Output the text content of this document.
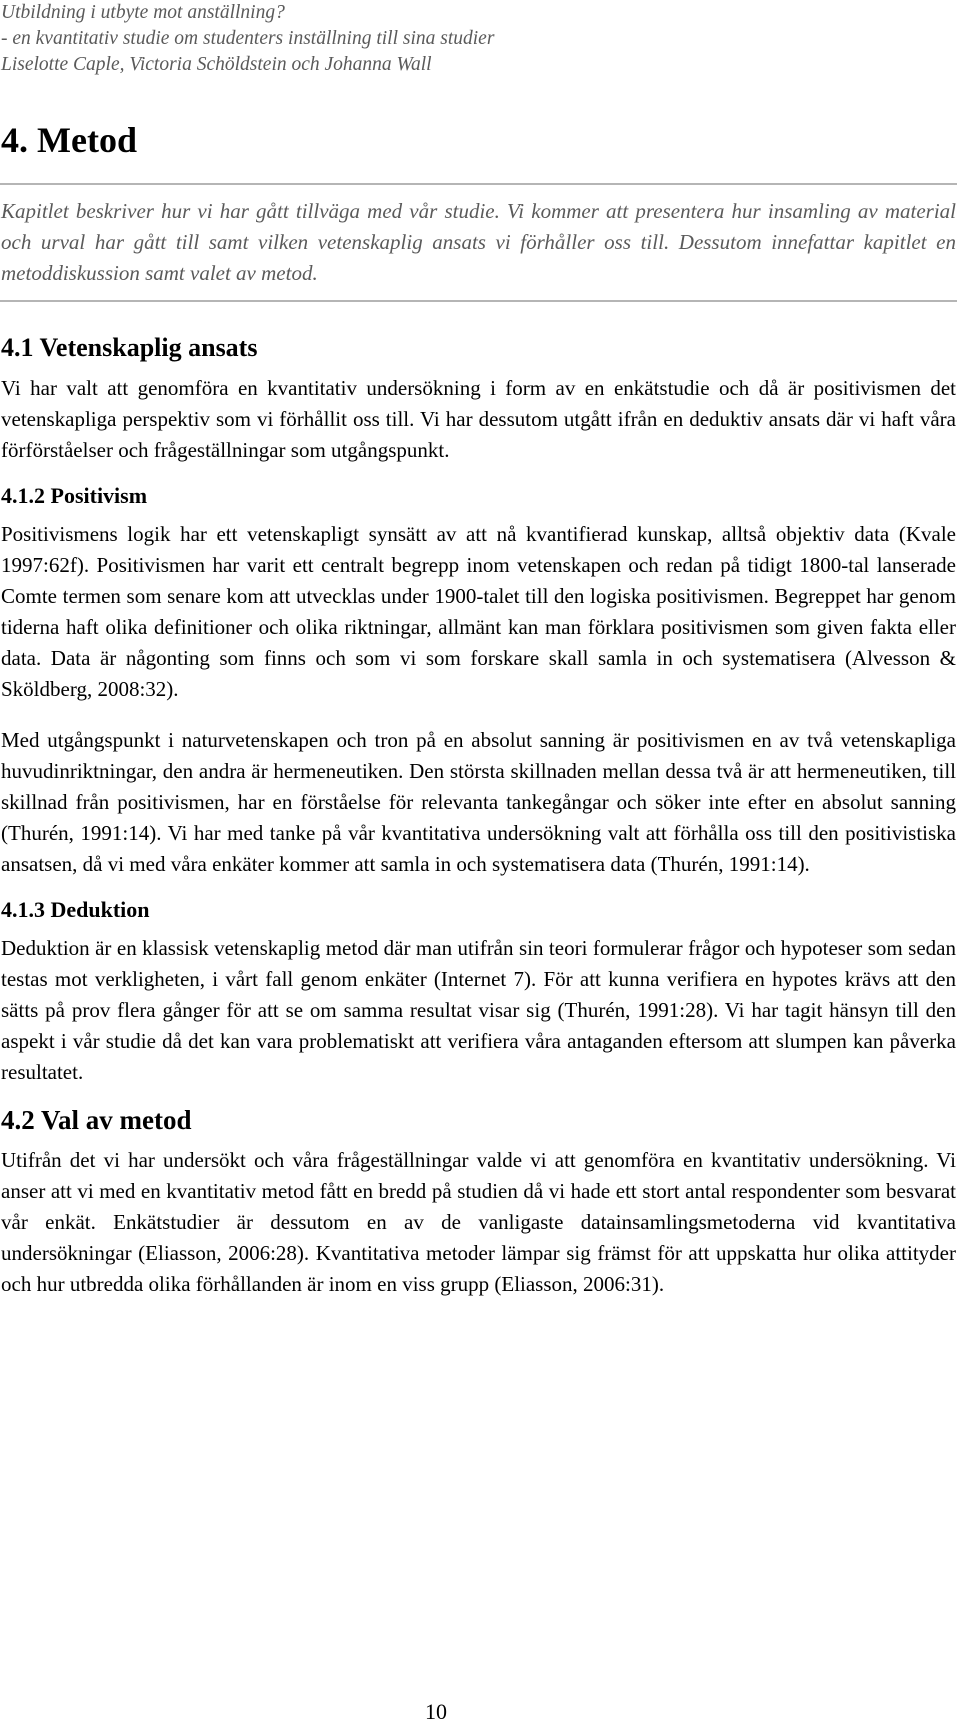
Utbildning i utbyte mot anställning?
- en kvantitativ studie om studenters inställning till sina studier
Liselotte Caple, Victoria Schöldstein och Johanna Wall
4. Metod

Kapitlet beskriver hur vi har gått tillväga med vår studie. Vi kommer att presentera hur insamling av material och urval har gått till samt vilken vetenskaplig ansats vi förhåller oss till. Dessutom innefattar kapitlet en metoddiskussion samt valet av metod.

4.1 Vetenskaplig ansats

Vi har valt att genomföra en kvantitativ undersökning i form av en enkätstudie och då är positivismen det vetenskapliga perspektiv som vi förhållit oss till. Vi har dessutom utgått ifrån en deduktiv ansats där vi haft våra förförståelser och frågeställningar som utgångspunkt.

4.1.2 Positivism

Positivismens logik har ett vetenskapligt synsätt av att nå kvantifierad kunskap, alltså objektiv data (Kvale 1997:62f). Positivismen har varit ett centralt begrepp inom vetenskapen och redan på tidigt 1800-tal lanserade Comte termen som senare kom att utvecklas under 1900-talet till den logiska positivismen. Begreppet har genom tiderna haft olika definitioner och olika riktningar, allmänt kan man förklara positivismen som given fakta eller data. Data är någonting som finns och som vi som forskare skall samla in och systematisera (Alvesson & Sköldberg, 2008:32).

Med utgångspunkt i naturvetenskapen och tron på en absolut sanning är positivismen en av två vetenskapliga huvudinriktningar, den andra är hermeneutiken. Den största skillnaden mellan dessa två är att hermeneutiken, till skillnad från positivismen, har en förståelse för relevanta tankegångar och söker inte efter en absolut sanning (Thurén, 1991:14). Vi har med tanke på vår kvantitativa undersökning valt att förhålla oss till den positivistiska ansatsen, då vi med våra enkäter kommer att samla in och systematisera data (Thurén, 1991:14).

4.1.3 Deduktion

Deduktion är en klassisk vetenskaplig metod där man utifrån sin teori formulerar frågor och hypoteser som sedan testas mot verkligheten, i vårt fall genom enkäter (Internet 7). För att kunna verifiera en hypotes krävs att den sätts på prov flera gånger för att se om samma resultat visar sig (Thurén, 1991:28). Vi har tagit hänsyn till den aspekt i vår studie då det kan vara problematiskt att verifiera våra antaganden eftersom att slumpen kan påverka resultatet.

4.2 Val av metod

Utifrån det vi har undersökt och våra frågeställningar valde vi att genomföra en kvantitativ undersökning. Vi anser att vi med en kvantitativ metod fått en bredd på studien då vi hade ett stort antal respondenter som besvarat vår enkät. Enkätstudier är dessutom en av de vanligaste datainsamlingsmetoderna vid kvantitativa undersökningar (Eliasson, 2006:28). Kvantitativa metoder lämpar sig främst för att uppskatta hur olika attityder och hur utbredda olika förhållanden är inom en viss grupp (Eliasson, 2006:31).

10
